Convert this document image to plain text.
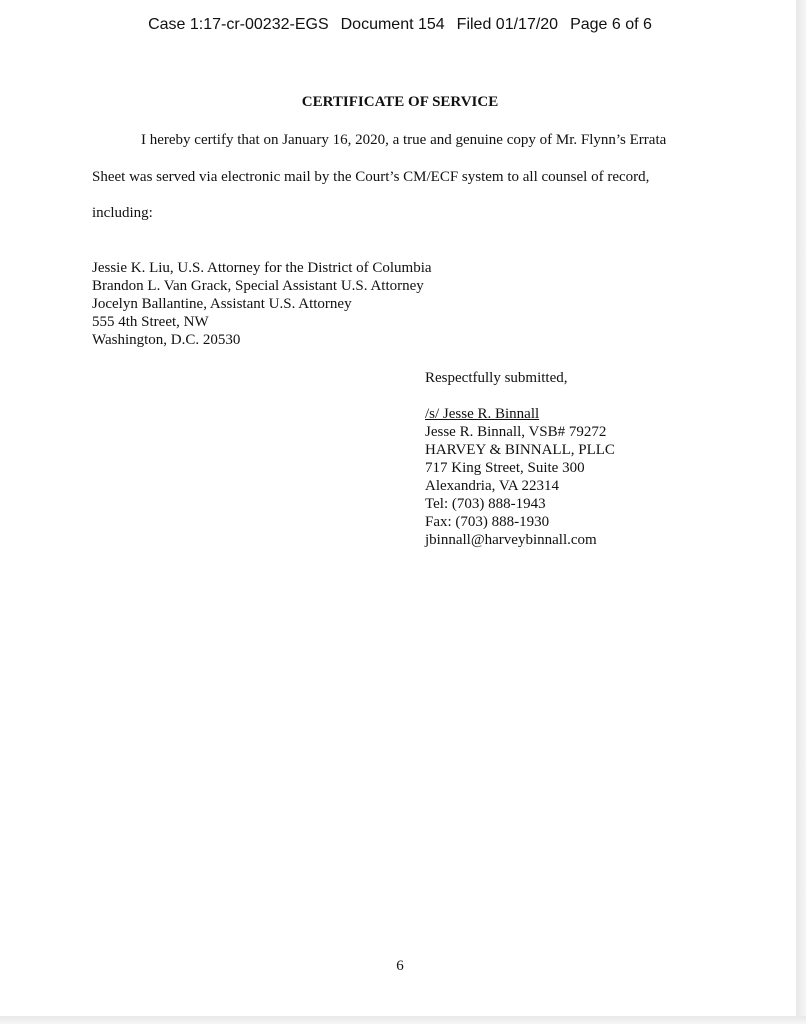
Case 1:17-cr-00232-EGS Document 154 Filed 01/17/20 Page 6 of 6
CERTIFICATE OF SERVICE
I hereby certify that on January 16, 2020, a true and genuine copy of Mr. Flynn’s Errata
Sheet was served via electronic mail by the Court’s CM/ECF system to all counsel of record,
including:
Jessie K. Liu, U.S. Attorney for the District of Columbia
Brandon L. Van Grack, Special Assistant U.S. Attorney
Jocelyn Ballantine, Assistant U.S. Attorney
555 4th Street, NW
Washington, D.C. 20530
Respectfully submitted,
/s/ Jesse R. Binnall
Jesse R. Binnall, VSB# 79272
HARVEY & BINNALL, PLLC
717 King Street, Suite 300
Alexandria, VA 22314
Tel: (703) 888-1943
Fax: (703) 888-1930
jbinnall@harveybinnall.com
6
